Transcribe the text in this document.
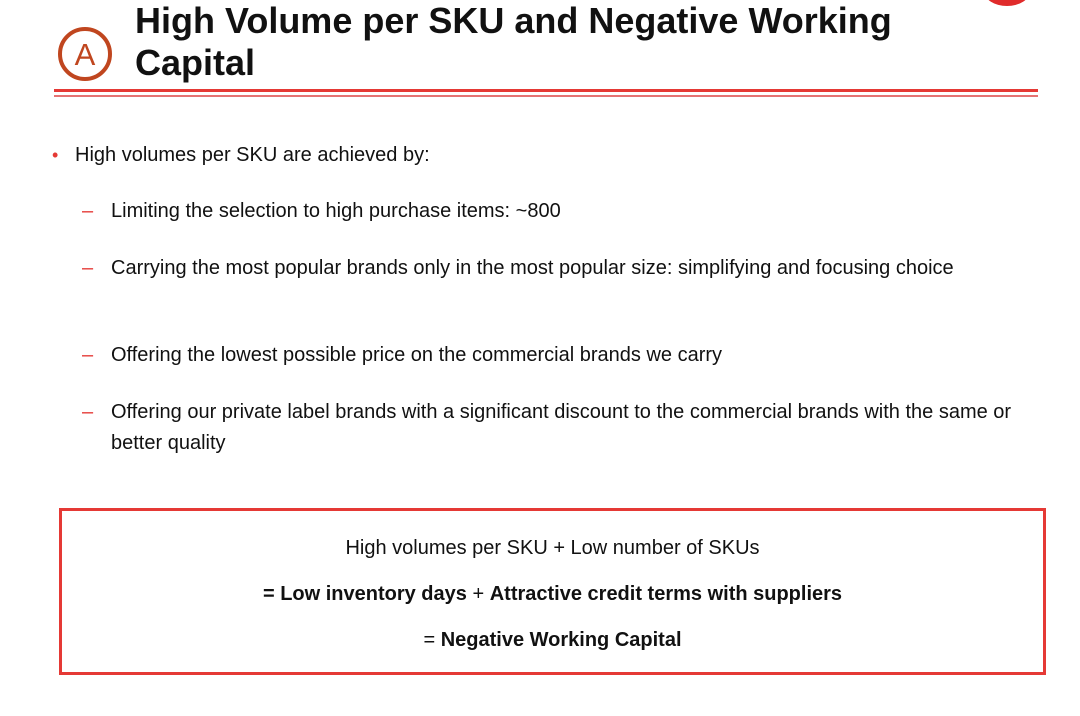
A
High Volume per SKU and Negative Working
Capital
• High volumes per SKU are achieved by:
– Limiting the selection to high purchase items: ~800
– Carrying the most popular brands only in the most popular size: simplifying and focusing choice
– Offering the lowest possible price on the commercial brands we carry
– Offering our private label brands with a significant discount to the commercial brands with the same or better quality
High volumes per SKU + Low number of SKUs
= Low inventory days + Attractive credit terms with suppliers
= Negative Working Capital
